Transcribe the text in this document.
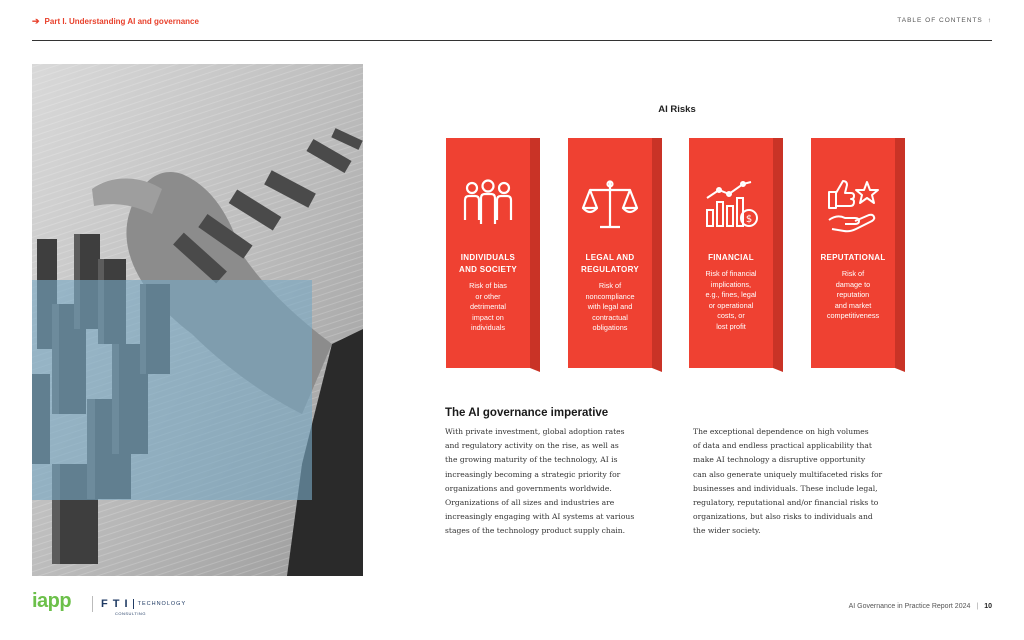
➔ Part I. Understanding AI and governance	TABLE OF CONTENTS ↑
AI Risks
INDIVIDUALS
AND SOCIETY
Risk of bias
or other
detrimental
impact on
individuals
LEGAL AND
REGULATORY
Risk of
noncompliance
with legal and
contractual
obligations
$
FINANCIAL
Risk of financial
implications,
e.g., fines, legal
or operational
costs, or
lost profit
REPUTATIONAL
Risk of
damage to
reputation
and market
competitiveness
The AI governance imperative
With private investment, global adoption rates
and regulatory activity on the rise, as well as
the growing maturity of the technology, AI is
increasingly becoming a strategic priority for
organizations and governments worldwide.
Organizations of all sizes and industries are
increasingly engaging with AI systems at various
stages of the technology product supply chain.
The exceptional dependence on high volumes
of data and endless practical applicability that
make AI technology a disruptive opportunity
can also generate uniquely multifaceted risks for
businesses and individuals. These include legal,
regulatory, reputational and/or financial risks to
organizations, but also risks to individuals and
the wider society.
iapp	F T I
CONSULTING
TECHNOLOGY	AI Governance in Practice Report 2024 | 10
